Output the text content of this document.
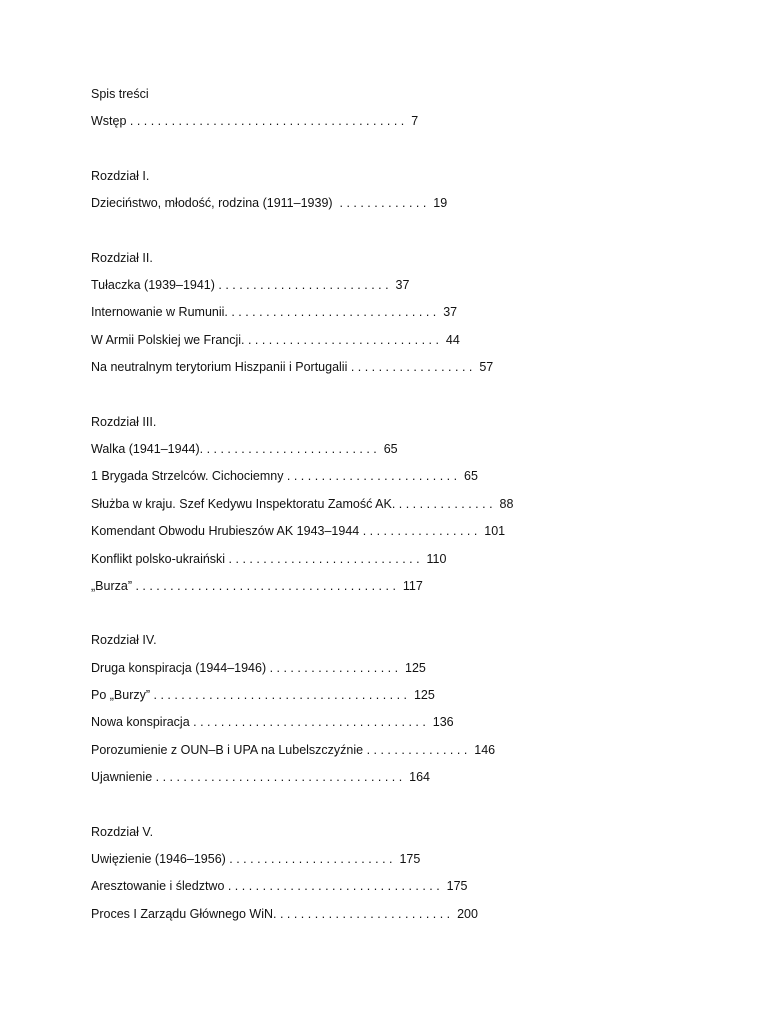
Spis treści
Wstęp . . . . . . . . . . . . . . . . . . . . . . . . . . . . . . . . . . . . . . . .  7
Rozdział I.
Dzieciństwo, młodość, rodzina (1911–1939)  . . . . . . . . . . . . .  19
Rozdział II.
Tułaczka (1939–1941) . . . . . . . . . . . . . . . . . . . . . . . . .  37
Internowanie w Rumunii. . . . . . . . . . . . . . . . . . . . . . . . . . . . . . .  37
W Armii Polskiej we Francji. . . . . . . . . . . . . . . . . . . . . . . . . . . . .  44
Na neutralnym terytorium Hiszpanii i Portugalii . . . . . . . . . . . . . . . . . .  57
Rozdział III.
Walka (1941–1944). . . . . . . . . . . . . . . . . . . . . . . . . .  65
1 Brygada Strzelców. Cichociemny . . . . . . . . . . . . . . . . . . . . . . . . .  65
Służba w kraju. Szef Kedywu Inspektoratu Zamość AK. . . . . . . . . . . . . . .  88
Komendant Obwodu Hrubieszów AK 1943–1944 . . . . . . . . . . . . . . . . .  101
Konflikt polsko-ukraiński . . . . . . . . . . . . . . . . . . . . . . . . . . . .  110
„Burza” . . . . . . . . . . . . . . . . . . . . . . . . . . . . . . . . . . . . . .  117
Rozdział IV.
Druga konspiracja (1944–1946) . . . . . . . . . . . . . . . . . . .  125
Po „Burzy” . . . . . . . . . . . . . . . . . . . . . . . . . . . . . . . . . . . . .  125
Nowa konspiracja . . . . . . . . . . . . . . . . . . . . . . . . . . . . . . . . . .  136
Porozumienie z OUN–B i UPA na Lubelszczyźnie . . . . . . . . . . . . . . .  146
Ujawnienie . . . . . . . . . . . . . . . . . . . . . . . . . . . . . . . . . . . .  164
Rozdział V.
Uwięzienie (1946–1956) . . . . . . . . . . . . . . . . . . . . . . . .  175
Aresztowanie i śledztwo . . . . . . . . . . . . . . . . . . . . . . . . . . . . . . .  175
Proces I Zarządu Głównego WiN. . . . . . . . . . . . . . . . . . . . . . . . . .  200
